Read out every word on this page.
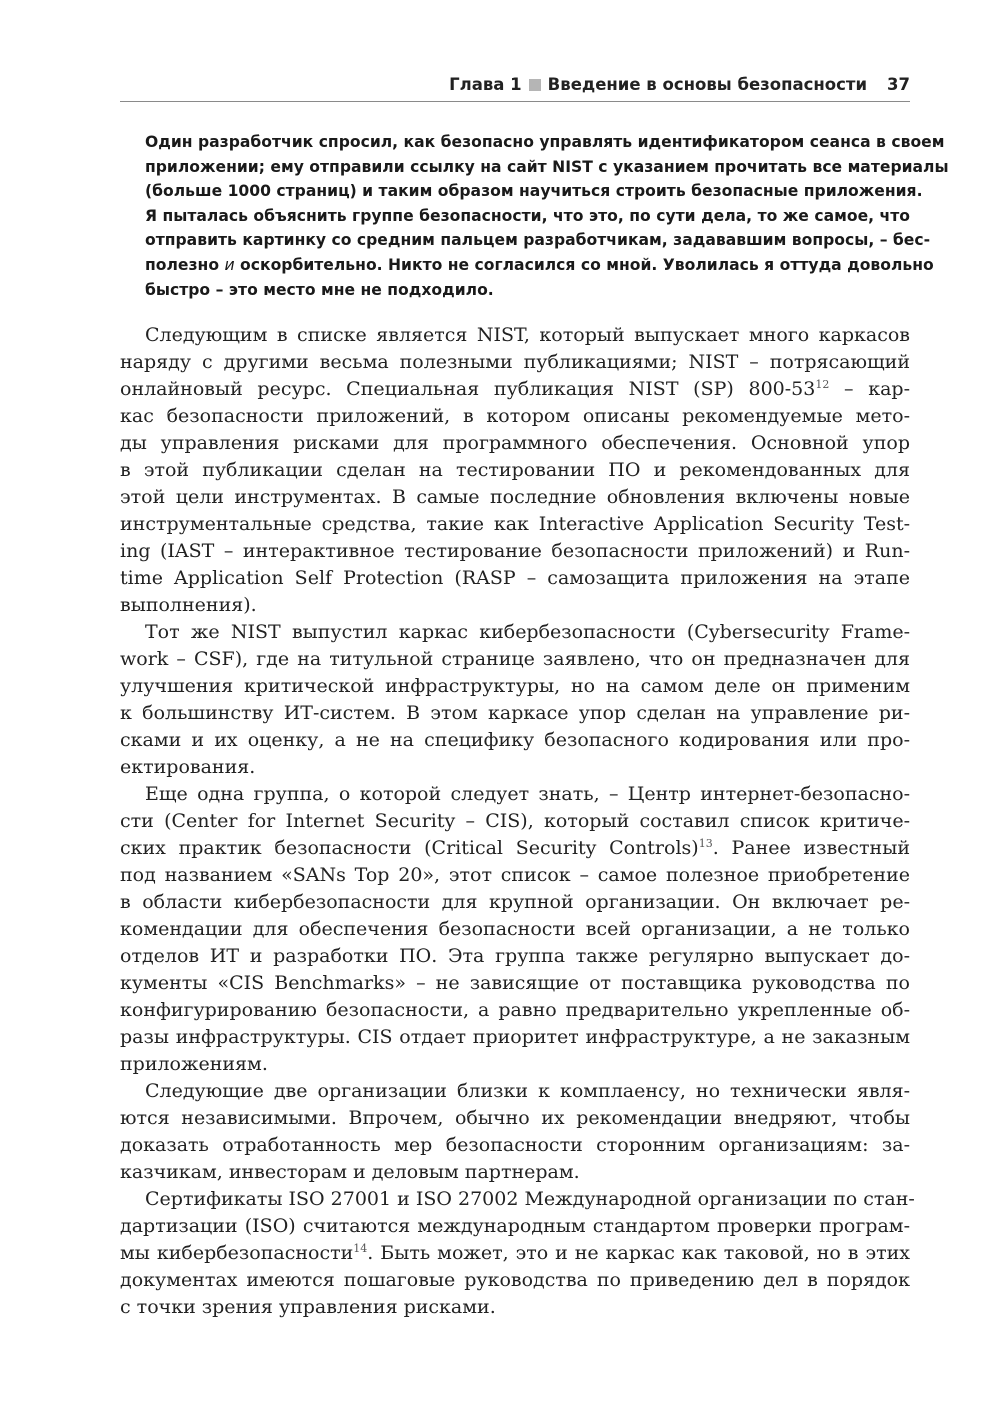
Глава 1 Введение в основы безопасности 37
Один разработчик спросил, как безопасно управлять идентификатором сеанса в своем
приложении; ему отправили ссылку на сайт NIST с указанием прочитать все материалы
(больше 1000 страниц) и таким образом научиться строить безопасные приложения.
Я пыталась объяснить группе безопасности, что это, по сути дела, то же самое, что
отправить картинку со средним пальцем разработчикам, задававшим вопросы, – бес-
полезно и оскорбительно. Никто не согласился со мной. Уволилась я оттуда довольно
быстро – это место мне не подходило.
Следующим в списке является NIST, который выпускает много каркасов
наряду с другими весьма полезными публикациями; NIST – потрясающий
онлайновый ресурс. Специальная публикация NIST (SP) $800-53^{12} - кар-$
кас безопасности приложений, в котором описаны рекомендуемые мето-
ды управления рисками для программного обеспечения. Основной упор
в этой публикации сделан на тестировании ПО и рекомендованных для
этой цели инструментах. В самые последние обновления включены новые
инструментальные средства, такие как Interactive Application Security Test-
ing (IAST – интерактивное тестирование безопасности приложений) и Run-
time Application Self Protection (RASP – самозащита приложения на этапе
выполнения).
Тот же NIST выпустил каркас кибербезопасности (Cybersecurity Frame-
work – CSF), где на титульной странице заявлено, что он предназначен для
улучшения критической инфраструктуры, но на самом деле он применим
к большинству ИТ-систем. В этом каркасе упор сделан на управление ри-
сками и их оценку, а не на специфику безопасного кодирования или про-
ектирования.
Еще одна группа, о которой следует знать, – Центр интернет-безопасно-
сти (Center for Internet Security – CIS), который составил список критиче-
ских практик безопасности (Critical Security Controls)$^{13}$. Ранее известный
под названием «SANs Top 20», этот список – самое полезное приобретение
в области кибербезопасности для крупной организации. Он включает ре-
комендации для обеспечения безопасности всей организации, а не только
отделов ИТ и разработки ПО. Эта группа также регулярно выпускает до-
кументы «CIS Benchmarks» – не зависящие от поставщика руководства по
конфигурированию безопасности, а равно предварительно укрепленные об-
разы инфраструктуры. CIS отдает приоритет инфраструктуре, а не заказным
приложениям.
Следующие две организации близки к комплаенсу, но технически явля-
ются независимыми. Впрочем, обычно их рекомендации внедряют, чтобы
доказать отработанность мер безопасности сторонним организациям: за-
казчикам, инвесторам и деловым партнерам.
Сертификаты ISO 27001 и ISO 27002 Международной организации по стан-
дартизации (ISO) считаются международным стандартом проверки програм-
мы кибербезопасности$^{14}$. Быть может, это и не каркас как таковой, но в этих
документах имеются пошаговые руководства по приведению дел в порядок
с точки зрения управления рисками.
